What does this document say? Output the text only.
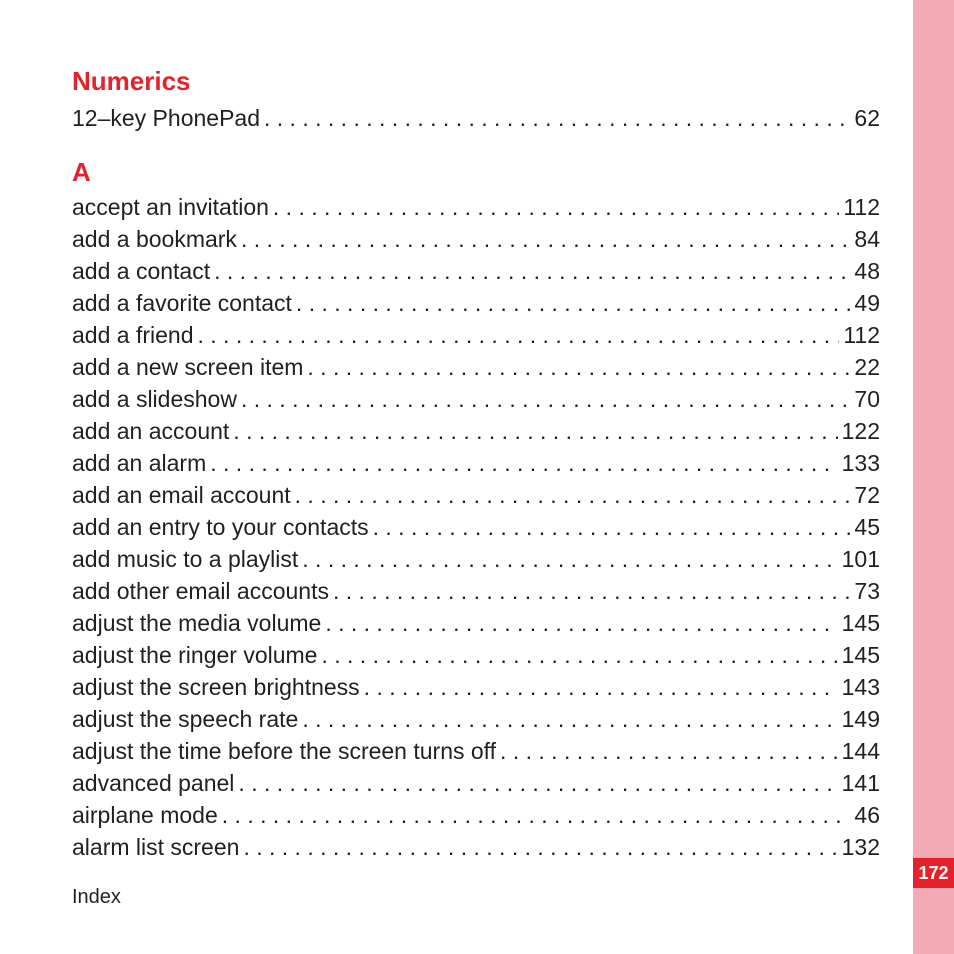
172
Numerics
12–key PhonePad . . .	62
A
accept an invitation . . .	112
add a bookmark . . .	84
add a contact . . .	48
add a favorite contact . . .	49
add a friend . . .	112
add a new screen item . . .	22
add a slideshow . . .	70
add an account . . .	122
add an alarm . . .	133
add an email account . . .	72
add an entry to your contacts . . .	45
add music to a playlist . . .	101
add other email accounts . . .	73
adjust the media volume . . .	145
adjust the ringer volume . . .	145
adjust the screen brightness . . .	143
adjust the speech rate . . .	149
adjust the time before the screen turns off . . .	144
advanced panel . . .	141
airplane mode . . .	46
alarm list screen . . .	132
Index
